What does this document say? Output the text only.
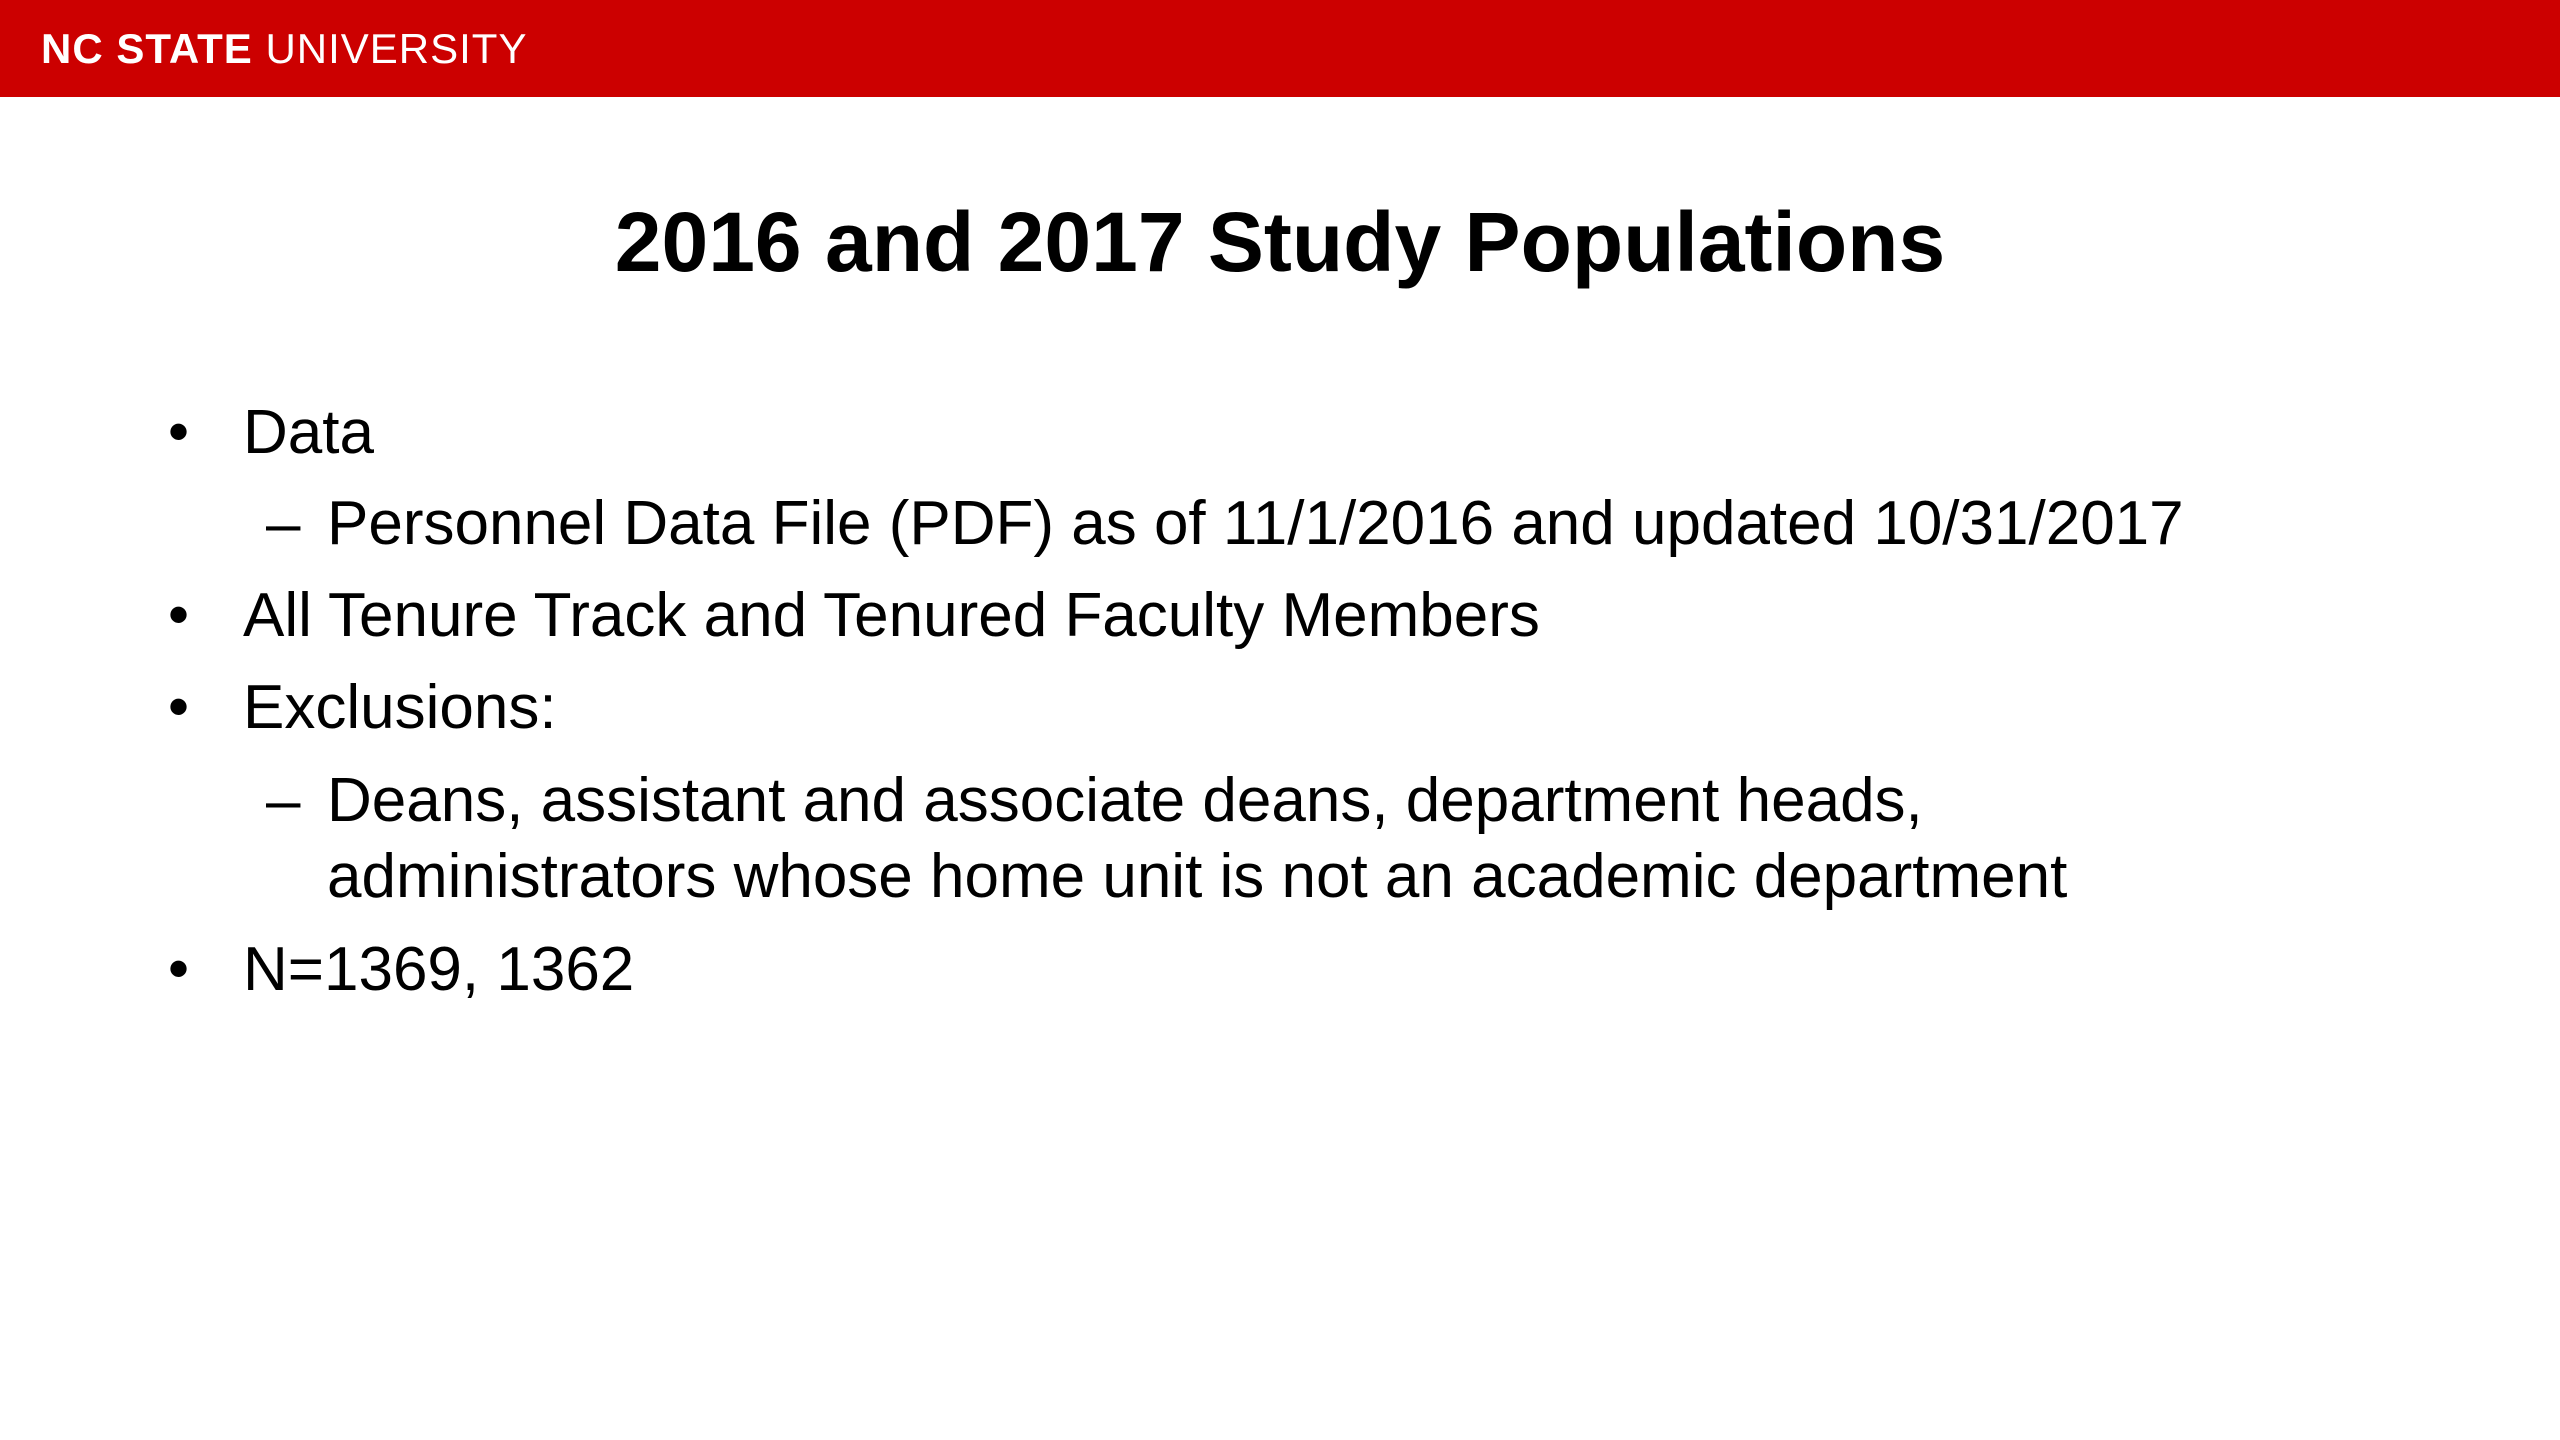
NC STATE UNIVERSITY
2016 and 2017 Study Populations
• Data
– Personnel Data File (PDF) as of 11/1/2016 and updated 10/31/2017
• All Tenure Track and Tenured Faculty Members
• Exclusions:
– Deans, assistant and associate deans, department heads,
administrators whose home unit is not an academic department
• N=1369, 1362
